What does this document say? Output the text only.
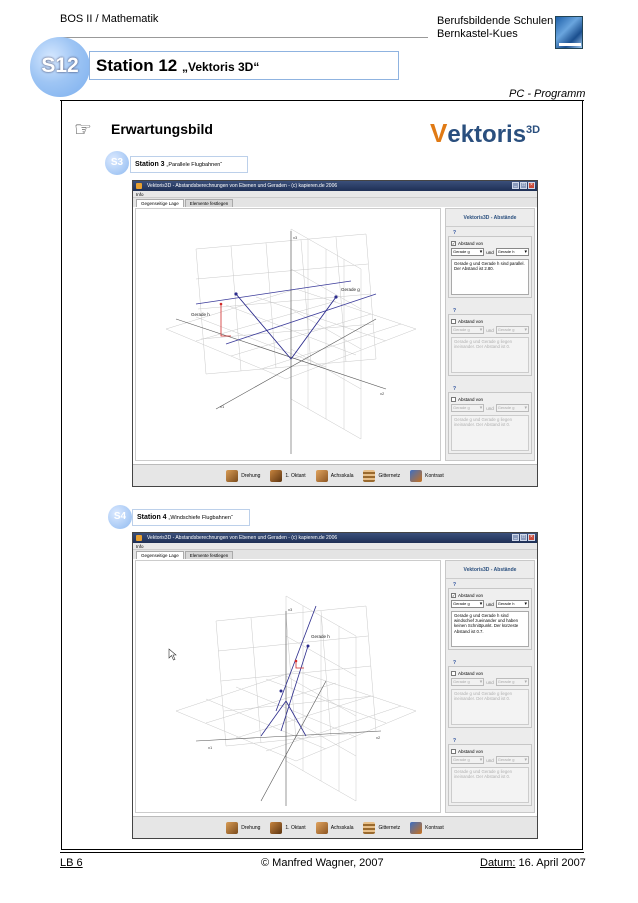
BOS II / Mathematik	Berufsbildende Schulen
Bernkastel-Kues
S12	Station 12 „Vektoris 3D“
PC - Programm
☞	Erwartungsbild	Vektoris$^{3D}$
S3	Station 3 „Parallele Flugbahnen“
Vektoris3D - Abstandsberechnungen von Ebenen und Geraden - (c) kapieren.de 2006	_	□	×
Info
Gegenseitige Lage	Elemente festlegen
Gerade h
Gerade g
x3
x2
x1
Vektoris3D - Abstände
?
✓ Abstand von
Gerade g ▾	und	Gerade h ▾
Gerade g und Gerade h sind parallel. Der Abstand ist 2.80.
?
Abstand von
Gerade g ▾	und	Gerade g ▾
Gerade g und Gerade g liegen ineinander. Der Abstand ist 0.
?
Abstand von
Gerade g ▾	und	Gerade g ▾
Gerade g und Gerade g liegen ineinander. Der Abstand ist 0.
Drehung	1. Oktant	Achsskala	Gitternetz	Kontrast
S4	Station 4 „Windschiefe Flugbahnen“
Vektoris3D - Abstandsberechnungen von Ebenen und Geraden - (c) kapieren.de 2006	_	□	×
Info
Gegenseitige Lage	Elemente festlegen
Gerade h
x3
x2
x1
Vektoris3D - Abstände
?
✓ Abstand von
Gerade g ▾	und	Gerade h ▾
Gerade g und Gerade h sind windschief zueinander und haben keinen Schnittpunkt. Der kürzeste Abstand ist 0.7.
?
Abstand von
Gerade g ▾	und	Gerade g ▾
Gerade g und Gerade g liegen ineinander. Der Abstand ist 0.
?
Abstand von
Gerade g ▾	und	Gerade g ▾
Gerade g und Gerade g liegen ineinander. Der Abstand ist 0.
Drehung	1. Oktant	Achsskala	Gitternetz	Kontrast
LB 6	© Manfred Wagner, 2007	Datum: 16. April 2007
